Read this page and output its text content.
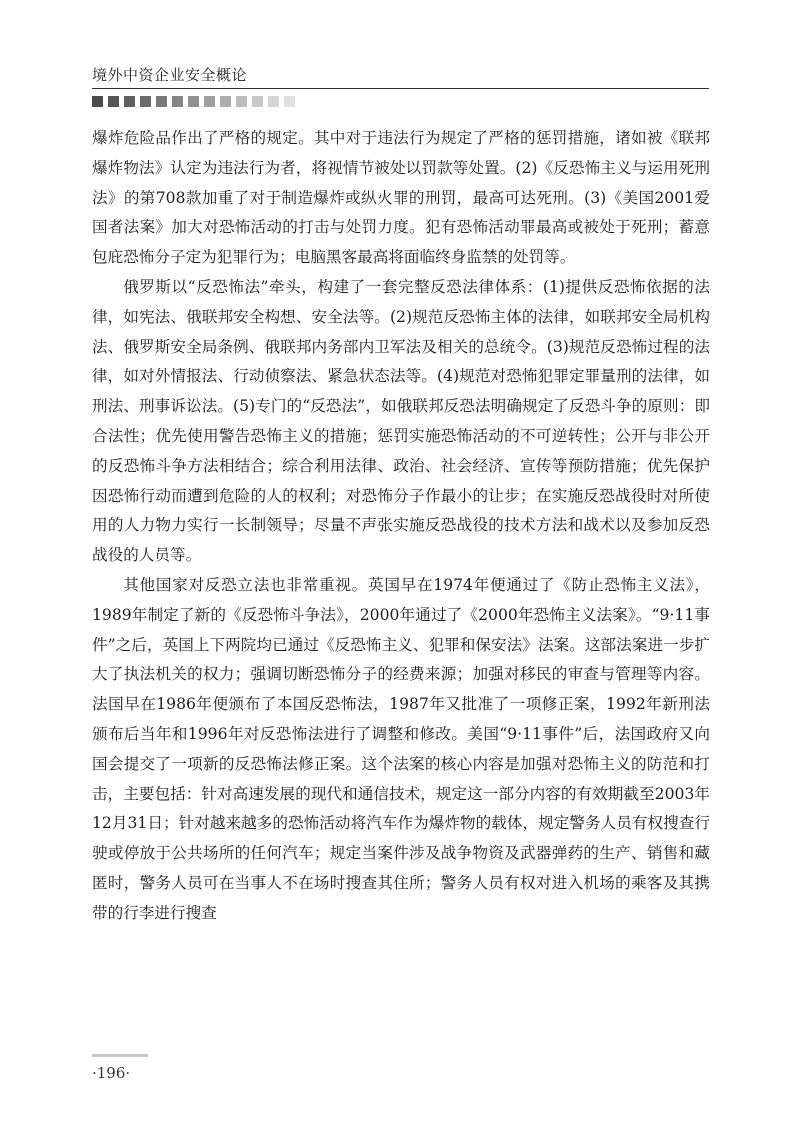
境外中资企业安全概论

爆炸危险品作出了严格的规定。其中对于违法行为规定了严格的惩罚措施，诸如被《联邦爆炸物法》认定为违法行为者，将视情节被处以罚款等处置。(2)《反恐怖主义与运用死刑法》的第708款加重了对于制造爆炸或纵火罪的刑罚，最高可达死刑。(3)《美国2001爱国者法案》加大对恐怖活动的打击与处罚力度。犯有恐怖活动罪最高或被处于死刑；蓄意包庇恐怖分子定为犯罪行为；电脑黑客最高将面临终身监禁的处罚等。

俄罗斯以“反恐怖法”牵头，构建了一套完整反恐法律体系：(1)提供反恐怖依据的法律，如宪法、俄联邦安全构想、安全法等。(2)规范反恐怖主体的法律，如联邦安全局机构法、俄罗斯安全局条例、俄联邦内务部内卫军法及相关的总统令。(3)规范反恐怖过程的法律，如对外情报法、行动侦察法、紧急状态法等。(4)规范对恐怖犯罪定罪量刑的法律，如刑法、刑事诉讼法。(5)专门的“反恐法”，如俄联邦反恐法明确规定了反恐斗争的原则：即合法性；优先使用警告恐怖主义的措施；惩罚实施恐怖活动的不可逆转性；公开与非公开的反恐怖斗争方法相结合；综合利用法律、政治、社会经济、宣传等预防措施；优先保护因恐怖行动而遭到危险的人的权利；对恐怖分子作最小的让步；在实施反恐战役时对所使用的人力物力实行一长制领导；尽量不声张实施反恐战役的技术方法和战术以及参加反恐战役的人员等。

其他国家对反恐立法也非常重视。英国早在1974年便通过了《防止恐怖主义法》，1989年制定了新的《反恐怖斗争法》，2000年通过了《2000年恐怖主义法案》。“9·11事件”之后，英国上下两院均已通过《反恐怖主义、犯罪和保安法》法案。这部法案进一步扩大了执法机关的权力；强调切断恐怖分子的经费来源；加强对移民的审查与管理等内容。法国早在1986年便颁布了本国反恐怖法，1987年又批准了一项修正案，1992年新刑法颁布后当年和1996年对反恐怖法进行了调整和修改。美国“9·11事件”后，法国政府又向国会提交了一项新的反恐怖法修正案。这个法案的核心内容是加强对恐怖主义的防范和打击，主要包括：针对高速发展的现代和通信技术，规定这一部分内容的有效期截至2003年12月31日；针对越来越多的恐怖活动将汽车作为爆炸物的载体，规定警务人员有权搜查行驶或停放于公共场所的任何汽车；规定当案件涉及战争物资及武器弹药的生产、销售和藏匿时，警务人员可在当事人不在场时搜查其住所；警务人员有权对进入机场的乘客及其携带的行李进行搜查

·196·
